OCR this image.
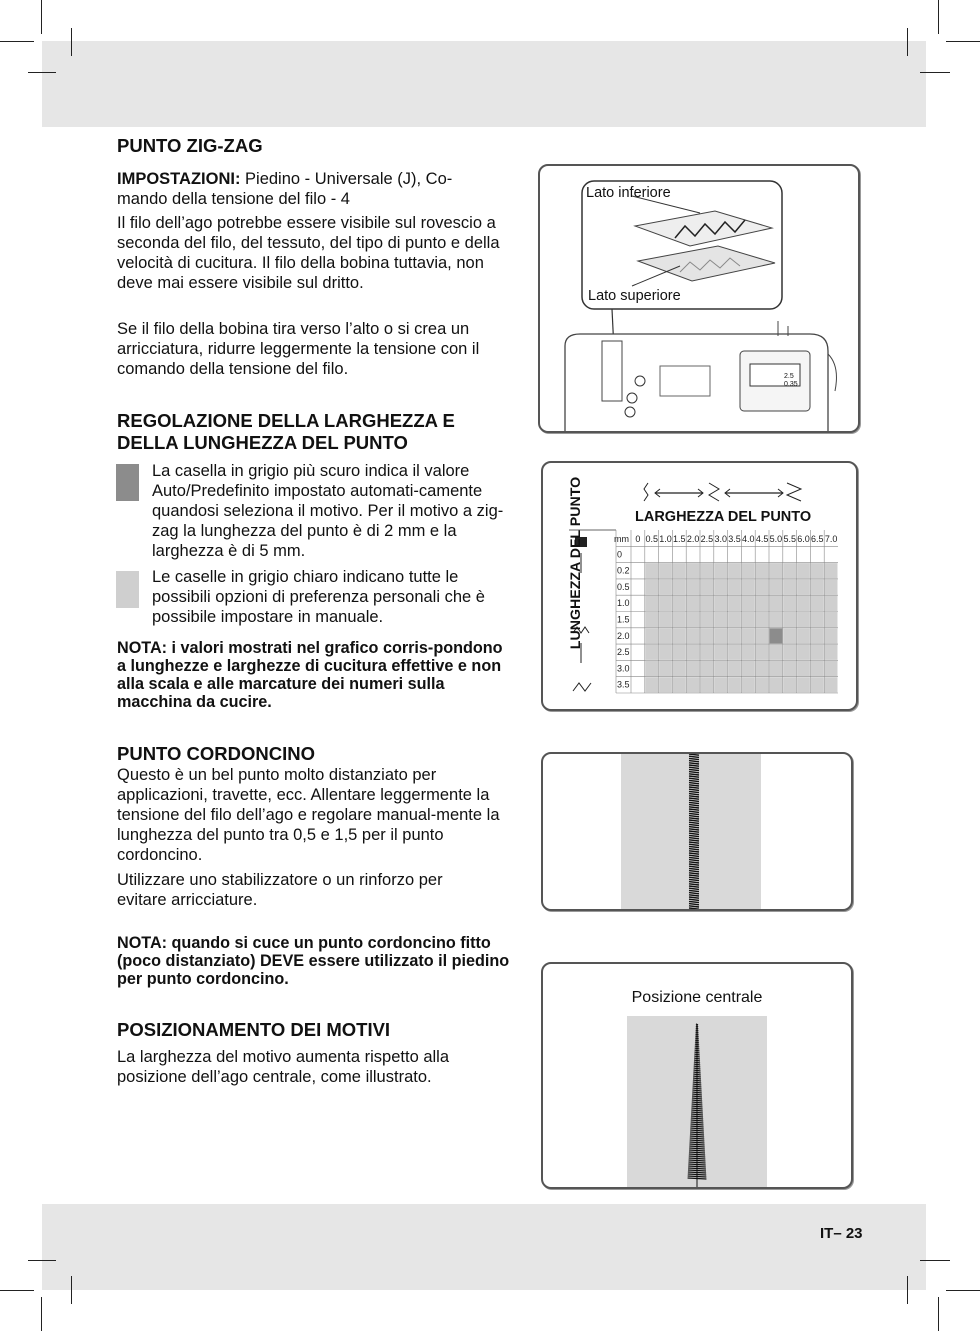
PUNTO ZIG-ZAG
IMPOSTAZIONI: Piedino - Universale (J), Co-mando della tensione del filo - 4
Il filo dell’ago potrebbe essere visibile sul rovescio a seconda del filo, del tessuto, del tipo di punto e della velocità di cucitura. Il filo della bobina tuttavia, non deve mai essere visibile sul dritto.
Se il filo della bobina tira verso l’alto o si crea un arricciatura, ridurre leggermente la tensione con il comando della tensione del filo.
REGOLAZIONE DELLA LARGHEZZA E
DELLA LUNGHEZZA DEL PUNTO
La casella in grigio più scuro indica il valore Auto/Predefinito impostato automati-camente quandosi seleziona il motivo. Per il motivo a zig-zag la lunghezza del punto è di 2 mm e la larghezza è di 5 mm.
Le caselle in grigio chiaro indicano tutte le possibili opzioni di preferenza personali che è possibile impostare in manuale.
NOTA: i valori mostrati nel grafico corris-pondono a lunghezze e larghezze di cucitura effettive e non alla scala e alle marcature dei numeri sulla macchina da cucire.
PUNTO CORDONCINO
Questo è un bel punto molto distanziato per applicazioni, travette, ecc. Allentare leggermente la tensione del filo dell’ago e regolare manual-mente la lunghezza del punto tra 0,5 e 1,5 per il punto cordoncino.
Utilizzare uno stabilizzatore o un rinforzo per evitare arricciature.
NOTA: quando si cuce un punto cordoncino fitto (poco distanziato) DEVE essere utilizzato il piedino per punto cordoncino.
POSIZIONAMENTO DEI MOTIVI
La larghezza del motivo aumenta rispetto alla posizione dell’ago centrale, come illustrato.
Lato inferiore
Lato superiore
2.5
0.35
mm 0 0.5 1.0 1.5 2.0 2.5 3.0 3.5 4.0 4.5 5.0 5.5 6.0 6.5 7.0
0
0.2
0.5
1.0
1.5
2.0
2.5
3.0
3.5
LARGHEZZA DEL PUNTO
LUNGHEZZA DEL PUNTO
Posizione centrale
IT– 23
